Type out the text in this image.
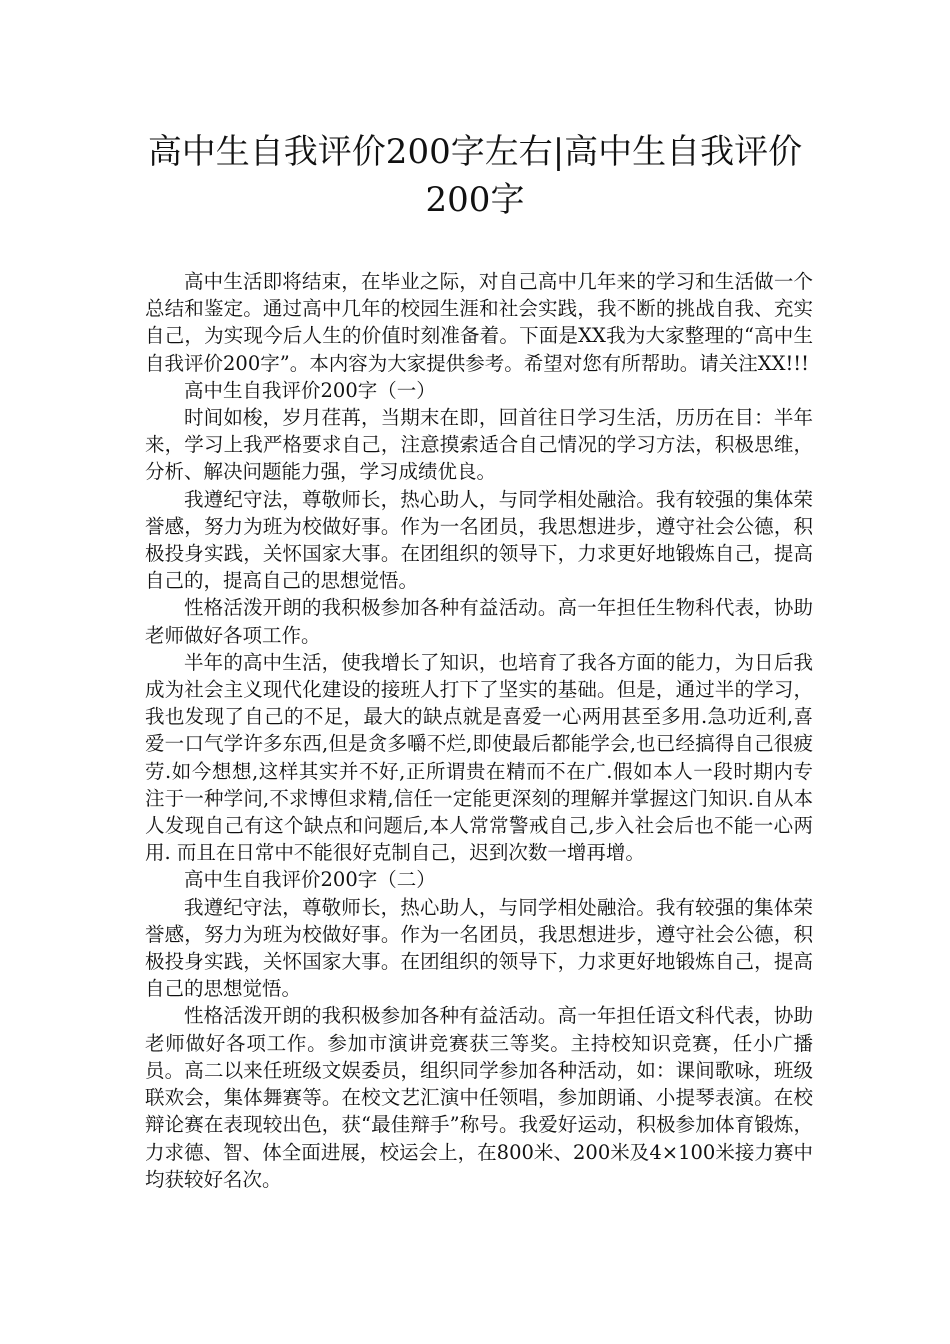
高中生自我评价200字左右|高中生自我评价200字

高中生活即将结束，在毕业之际，对自己高中几年来的学习和生活做一个总结和鉴定。通过高中几年的校园生涯和社会实践，我不断的挑战自我、充实自己，为实现今后人生的价值时刻准备着。下面是XX我为大家整理的“高中生自我评价200字”。本内容为大家提供参考。希望对您有所帮助。请关注XX!!!

高中生自我评价200字（一）

时间如梭，岁月荏苒，当期末在即，回首往日学习生活，历历在目：半年来，学习上我严格要求自己，注意摸索适合自己情况的学习方法，积极思维，分析、解决问题能力强，学习成绩优良。

我遵纪守法，尊敬师长，热心助人，与同学相处融洽。我有较强的集体荣誉感，努力为班为校做好事。作为一名团员，我思想进步，遵守社会公德，积极投身实践，关怀国家大事。在团组织的领导下，力求更好地锻炼自己，提高自己的，提高自己的思想觉悟。

性格活泼开朗的我积极参加各种有益活动。高一年担任生物科代表，协助老师做好各项工作。

半年的高中生活，使我增长了知识，也培育了我各方面的能力，为日后我成为社会主义现代化建设的接班人打下了坚实的基础。但是，通过半的学习，我也发现了自己的不足，最大的缺点就是喜爱一心两用甚至多用.急功近利,喜爱一口气学许多东西,但是贪多嚼不烂,即使最后都能学会,也已经搞得自己很疲劳.如今想想,这样其实并不好,正所谓贵在精而不在广.假如本人一段时期内专注于一种学问,不求博但求精,信任一定能更深刻的理解并掌握这门知识.自从本人发现自己有这个缺点和问题后,本人常常警戒自己,步入社会后也不能一心两用. 而且在日常中不能很好克制自己，迟到次数一增再增。

高中生自我评价200字（二）

我遵纪守法，尊敬师长，热心助人，与同学相处融洽。我有较强的集体荣誉感，努力为班为校做好事。作为一名团员，我思想进步，遵守社会公德，积极投身实践，关怀国家大事。在团组织的领导下，力求更好地锻炼自己，提高自己的思想觉悟。

性格活泼开朗的我积极参加各种有益活动。高一年担任语文科代表，协助老师做好各项工作。参加市演讲竞赛获三等奖。主持校知识竞赛，任小广播员。高二以来任班级文娱委员，组织同学参加各种活动，如：课间歌咏，班级联欢会，集体舞赛等。在校文艺汇演中任领唱，参加朗诵、小提琴表演。在校辩论赛在表现较出色，获“最佳辩手”称号。我爱好运动，积极参加体育锻炼，力求德、智、体全面进展，校运会上，在800米、200米及4×100米接力赛中均获较好名次。
